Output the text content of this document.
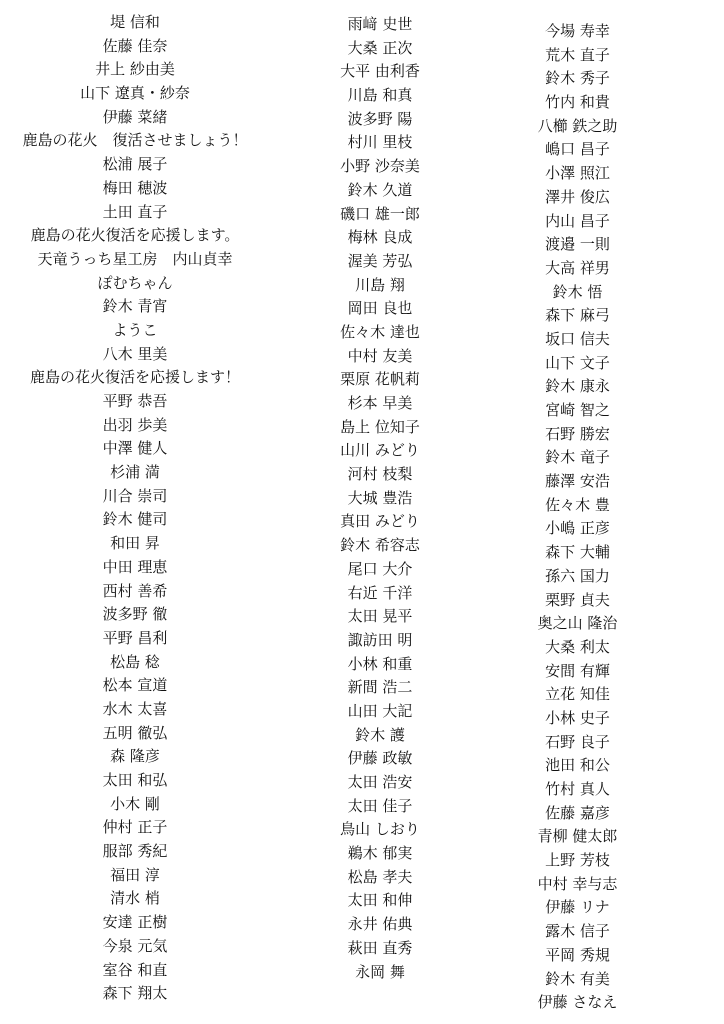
堤 信和
佐藤 佳奈
井上 紗由美
山下 遼真・紗奈
伊藤 菜緒
鹿島の花火　復活させましょう！
松浦 展子
梅田 穂波
土田 直子
鹿島の花火復活を応援します。
天竜うっち星工房　内山貞幸
ぽむちゃん
鈴木 青宵
ようこ
八木 里美
鹿島の花火復活を応援します！
平野 恭吾
出羽 歩美
中澤 健人
杉浦 満
川合 崇司
鈴木 健司
和田 昇
中田 理恵
西村 善希
波多野 徹
平野 昌利
松島 稔
松本 宣道
水木 太喜
五明 徹弘
森 隆彦
太田 和弘
小木 剛
仲村 正子
服部 秀紀
福田 淳
清水 梢
安達 正樹
今泉 元気
室谷 和直
森下 翔太
雨﨑 史世
大桑 正次
大平 由利香
川島 和真
波多野 陽
村川 里枝
小野 沙奈美
鈴木 久道
磯口 雄一郎
梅林 良成
渥美 芳弘
川島 翔
岡田 良也
佐々木 達也
中村 友美
栗原 花帆莉
杉本 早美
島上 位知子
山川 みどり
河村 枝梨
大城 豊浩
真田 みどり
鈴木 希容志
尾口 大介
右近 千洋
太田 晃平
諏訪田 明
小林 和重
新間 浩二
山田 大記
鈴木 護
伊藤 政敏
太田 浩安
太田 佳子
鳥山 しおり
鵜木 郁実
松島 孝夫
太田 和伸
永井 佑典
萩田 直秀
永岡 舞
今場 寿幸
荒木 直子
鈴木 秀子
竹内 和貴
八櫛 鉄之助
嶋口 昌子
小澤 照江
澤井 俊広
内山 昌子
渡邉 一則
大高 祥男
鈴木 悟
森下 麻弓
坂口 信夫
山下 文子
鈴木 康永
宮崎 智之
石野 勝宏
鈴木 竜子
藤澤 安浩
佐々木 豊
小嶋 正彦
森下 大輔
孫六 国力
栗野 貞夫
奥之山 隆治
大桑 利太
安間 有輝
立花 知佳
小林 史子
石野 良子
池田 和公
竹村 真人
佐藤 嘉彦
青柳 健太郎
上野 芳枝
中村 幸与志
伊藤 リナ
露木 信子
平岡 秀規
鈴木 有美
伊藤 さなえ
